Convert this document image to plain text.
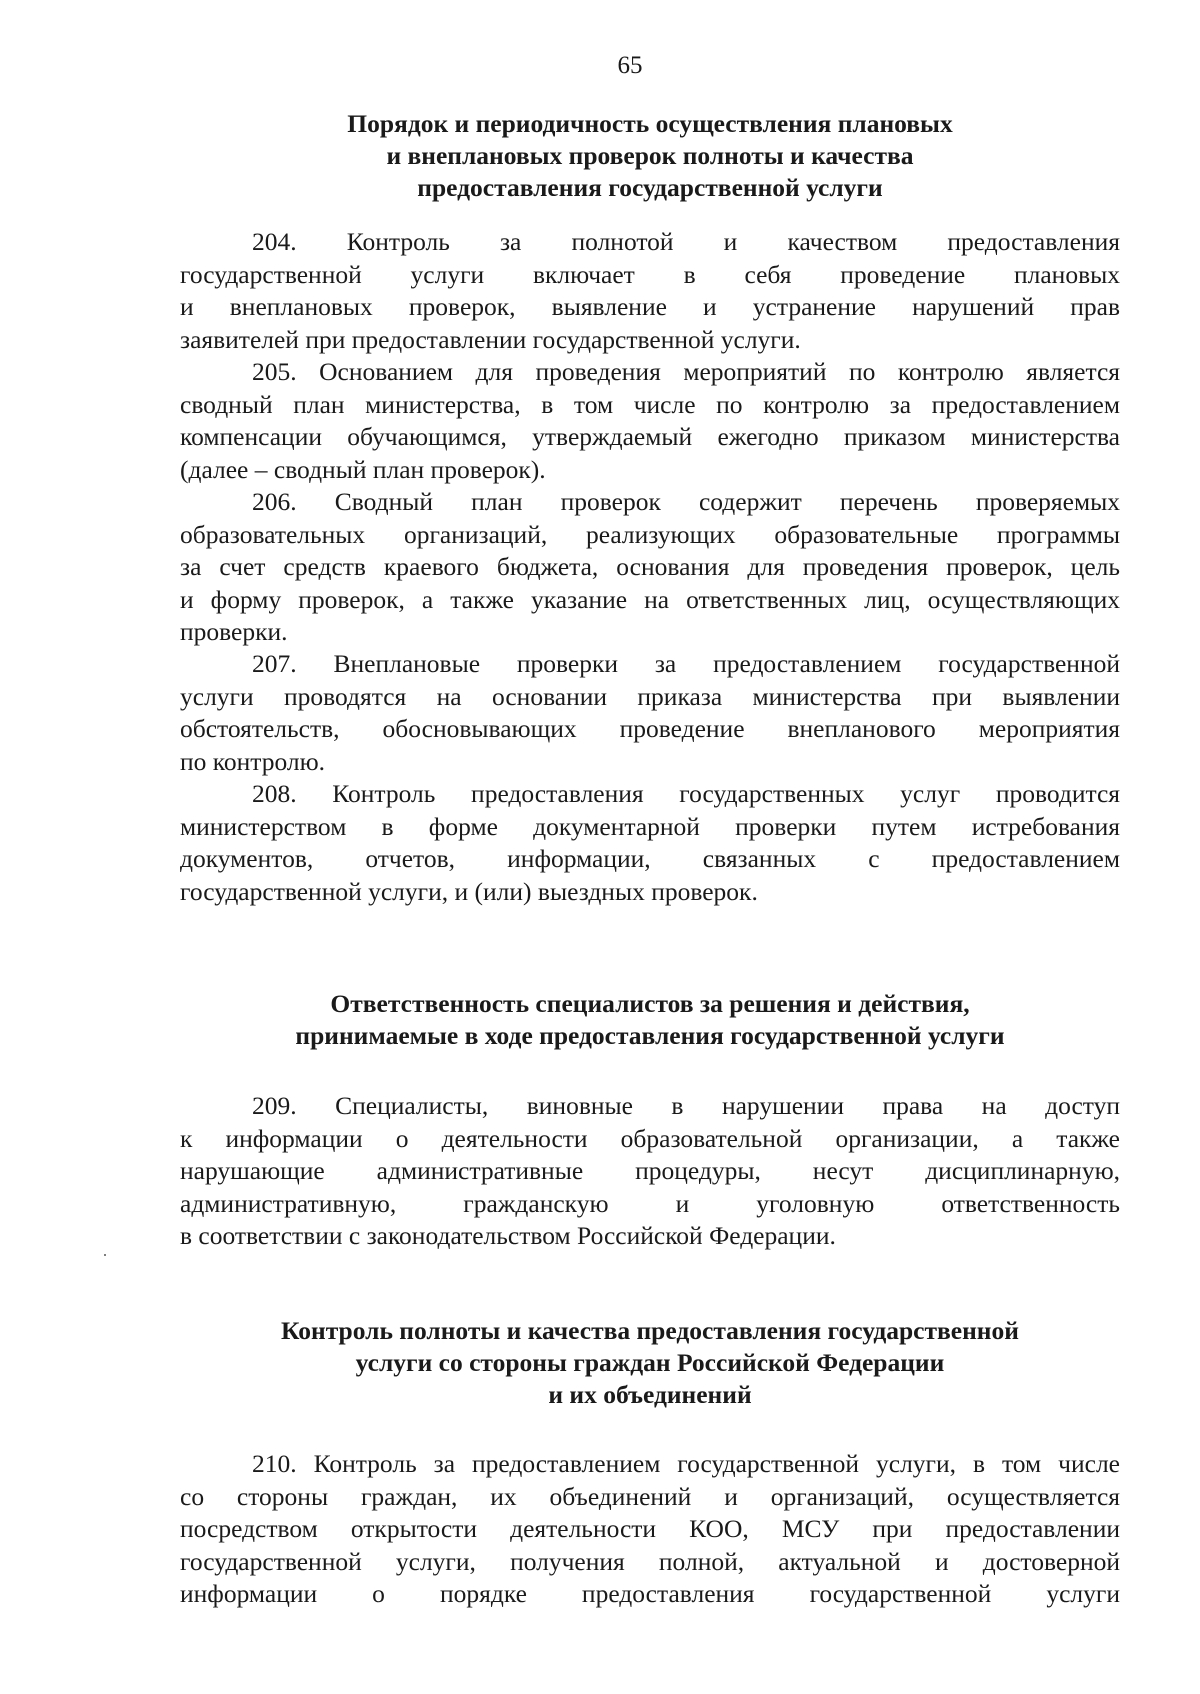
65
Порядок и периодичность осуществления плановых
и внеплановых проверок полноты и качества
предоставления государственной услуги

204. Контроль за полнотой и качеством предоставления
государственной услуги включает в себя проведение плановых
и внеплановых проверок, выявление и устранение нарушений прав
заявителей при предоставлении государственной услуги.

205. Основанием для проведения мероприятий по контролю является
сводный план министерства, в том числе по контролю за предоставлением
компенсации обучающимся, утверждаемый ежегодно приказом министерства
(далее – сводный план проверок).

206. Сводный план проверок содержит перечень проверяемых
образовательных организаций, реализующих образовательные программы
за счет средств краевого бюджета, основания для проведения проверок, цель
и форму проверок, а также указание на ответственных лиц, осуществляющих
проверки.

207. Внеплановые проверки за предоставлением государственной
услуги проводятся на основании приказа министерства при выявлении
обстоятельств, обосновывающих проведение внепланового мероприятия
по контролю.

208. Контроль предоставления государственных услуг проводится
министерством в форме документарной проверки путем истребования
документов, отчетов, информации, связанных с предоставлением
государственной услуги, и (или) выездных проверок.

Ответственность специалистов за решения и действия,
принимаемые в ходе предоставления государственной услуги

209. Специалисты, виновные в нарушении права на доступ
к информации о деятельности образовательной организации, а также
нарушающие административные процедуры, несут дисциплинарную,
административную, гражданскую и уголовную ответственность
в соответствии с законодательством Российской Федерации.

Контроль полноты и качества предоставления государственной
услуги со стороны граждан Российской Федерации
и их объединений

210. Контроль за предоставлением государственной услуги, в том числе
со стороны граждан, их объединений и организаций, осуществляется
посредством открытости деятельности КОО, МСУ при предоставлении
государственной услуги, получения полной, актуальной и достоверной
информации о порядке предоставления государственной услуги
